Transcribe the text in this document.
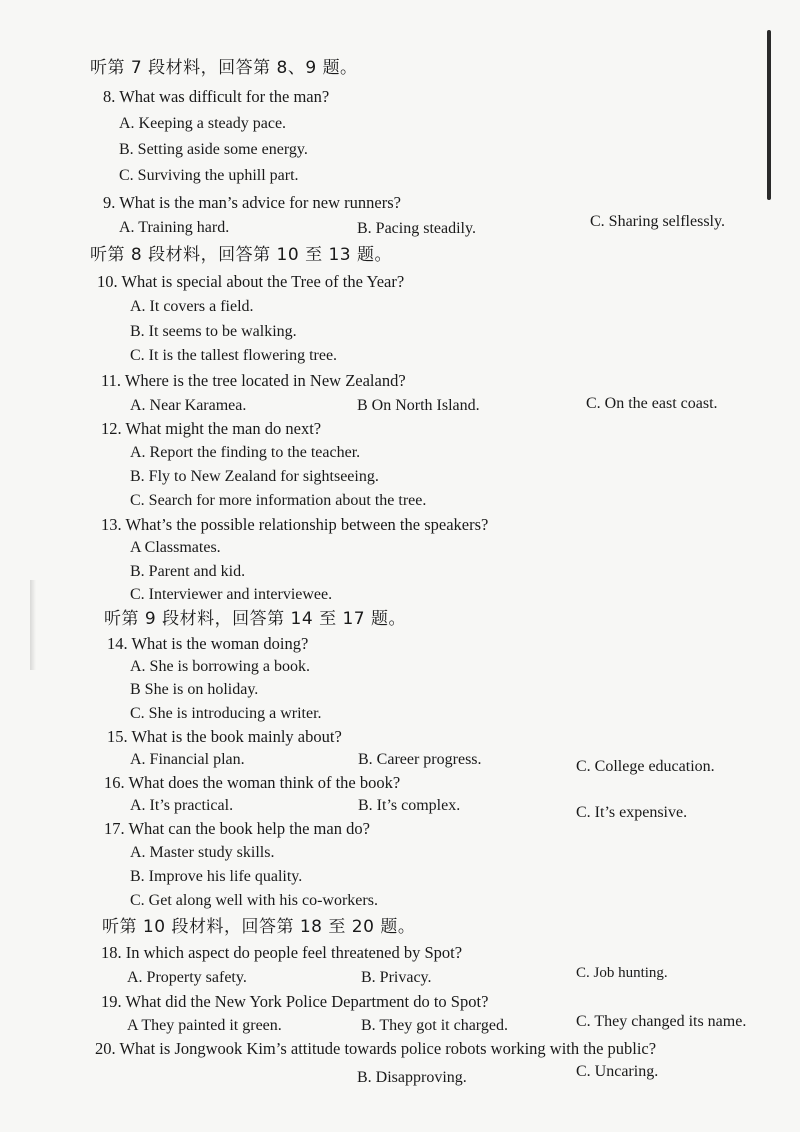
听第 7 段材料，回答第 8、9 题。
8. What was difficult for the man?
A. Keeping a steady pace.
B. Setting aside some energy.
C. Surviving the uphill part.
9. What is the man’s advice for new runners?
A. Training hard.	B. Pacing steadily.	C. Sharing selflessly.
听第 8 段材料，回答第 10 至 13 题。
10. What is special about the Tree of the Year?
A. It covers a field.
B. It seems to be walking.
C. It is the tallest flowering tree.
11. Where is the tree located in New Zealand?
A. Near Karamea.	B On North Island.	C. On the east coast.
12. What might the man do next?
A. Report the finding to the teacher.
B. Fly to New Zealand for sightseeing.
C. Search for more information about the tree.
13. What’s the possible relationship between the speakers?
A Classmates.
B. Parent and kid.
C. Interviewer and interviewee.
听第 9 段材料，回答第 14 至 17 题。
14. What is the woman doing?
A. She is borrowing a book.
B She is on holiday.
C. She is introducing a writer.
15. What is the book mainly about?
A. Financial plan.	B. Career progress.	C. College education.
16. What does the woman think of the book?
A. It’s practical.	B. It’s complex.	C. It’s expensive.
17. What can the book help the man do?
A. Master study skills.
B. Improve his life quality.
C. Get along well with his co-workers.
听第 10 段材料，回答第 18 至 20 题。
18. In which aspect do people feel threatened by Spot?
A. Property safety.	B. Privacy.	C. Job hunting.
19. What did the New York Police Department do to Spot?
A They painted it green.	B. They got it charged.	C. They changed its name.
20. What is Jongwook Kim’s attitude towards police robots working with the public?
B. Disapproving.	C. Uncaring.
